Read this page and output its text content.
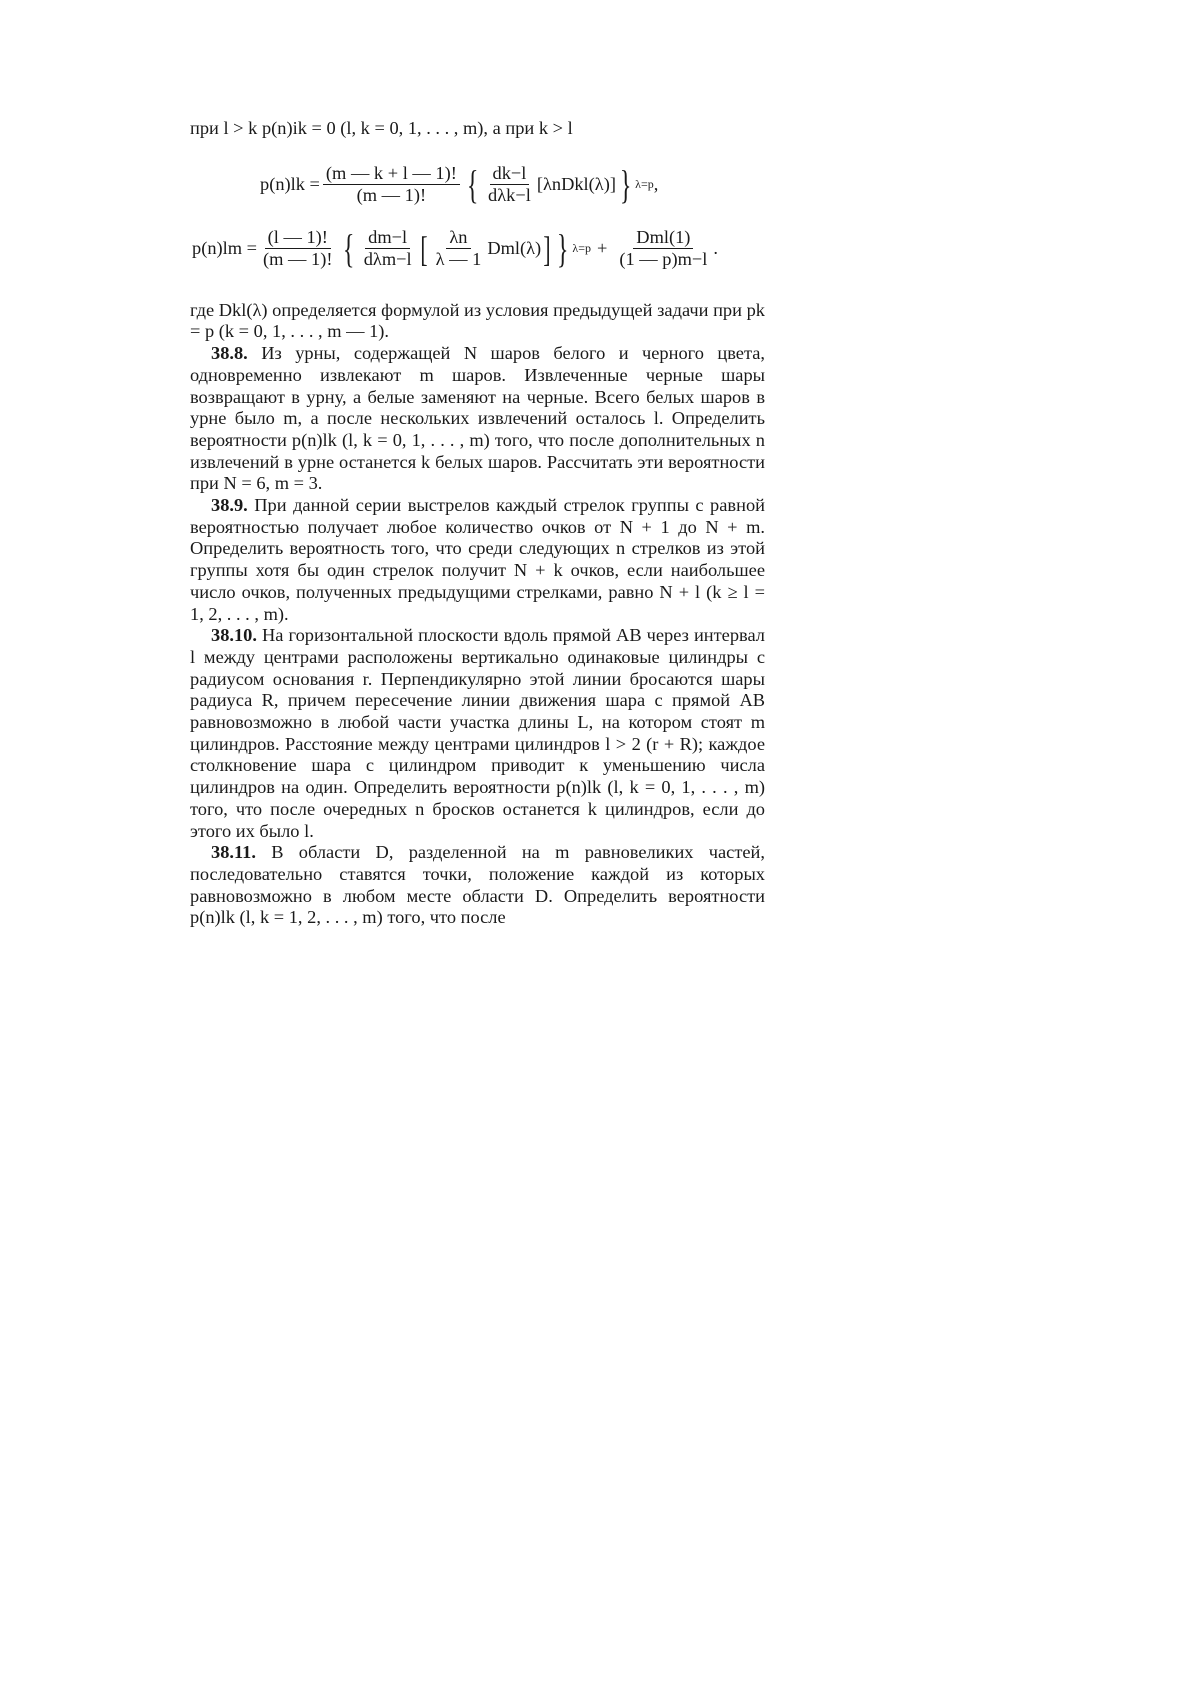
при l > k p(n)ik = 0 (l, k = 0, 1, . . . , m), а при k > l

$p(n)lk = \frac{(m — k + l — 1)!}{(m — 1)!}$ { $\frac{dk-l}{\text{dλk−l}}$ [λnDkl(λ)] } λ=p ,
$p(n)lm = \frac{(l — 1)!}{(m — 1)!}$ { $\frac{dm-l}{\text{dλm−l}}$ [ $\frac{\lambda n}{\lambda — 1} Dml(\lambda)$ ] } $\lambda=p + \frac{\text{Dml(1)}}{(1 — p)m-l}$ .

где Dkl(λ) определяется формулой из условия предыдущей задачи при pk = p (k = 0, 1, . . . , m — 1).

38.8. Из урны, содержащей N шаров белого и черного цвета, одновременно извлекают m шаров. Извлеченные черные шары возвращают в урну, а белые заменяют на черные. Всего белых шаров в урне было m, а после нескольких извлечений осталось l. Определить вероятности p(n)lk (l, k = 0, 1, . . . , m) того, что после дополнительных n извлечений в урне останется k белых шаров. Рассчитать эти вероятности при N = 6, m = 3.

38.9. При данной серии выстрелов каждый стрелок группы с равной вероятностью получает любое количество очков от N + 1 до N + m. Определить вероятность того, что среди следующих n стрелков из этой группы хотя бы один стрелок получит N + k очков, если наибольшее число очков, полученных предыдущими стрелками, равно N + l (k ≥ l = 1, 2, . . . , m).

38.10. На горизонтальной плоскости вдоль прямой AB через интервал l между центрами расположены вертикально одинаковые цилиндры с радиусом основания r. Перпендикулярно этой линии бросаются шары радиуса R, причем пересечение линии движения шара с прямой AB равновозможно в любой части участка длины L, на котором стоят m цилиндров. Расстояние между центрами цилиндров l > 2 (r + R); каждое столкновение шара с цилиндром приводит к уменьшению числа цилиндров на один. Определить вероятности p(n)lk (l, k = 0, 1, . . . , m) того, что после очередных n бросков останется k цилиндров, если до этого их было l.

38.11. В области D, разделенной на m равновеликих частей, последовательно ставятся точки, положение каждой из которых равновозможно в любом месте области D. Определить вероятности p(n)lk (l, k = 1, 2, . . . , m) того, что после
